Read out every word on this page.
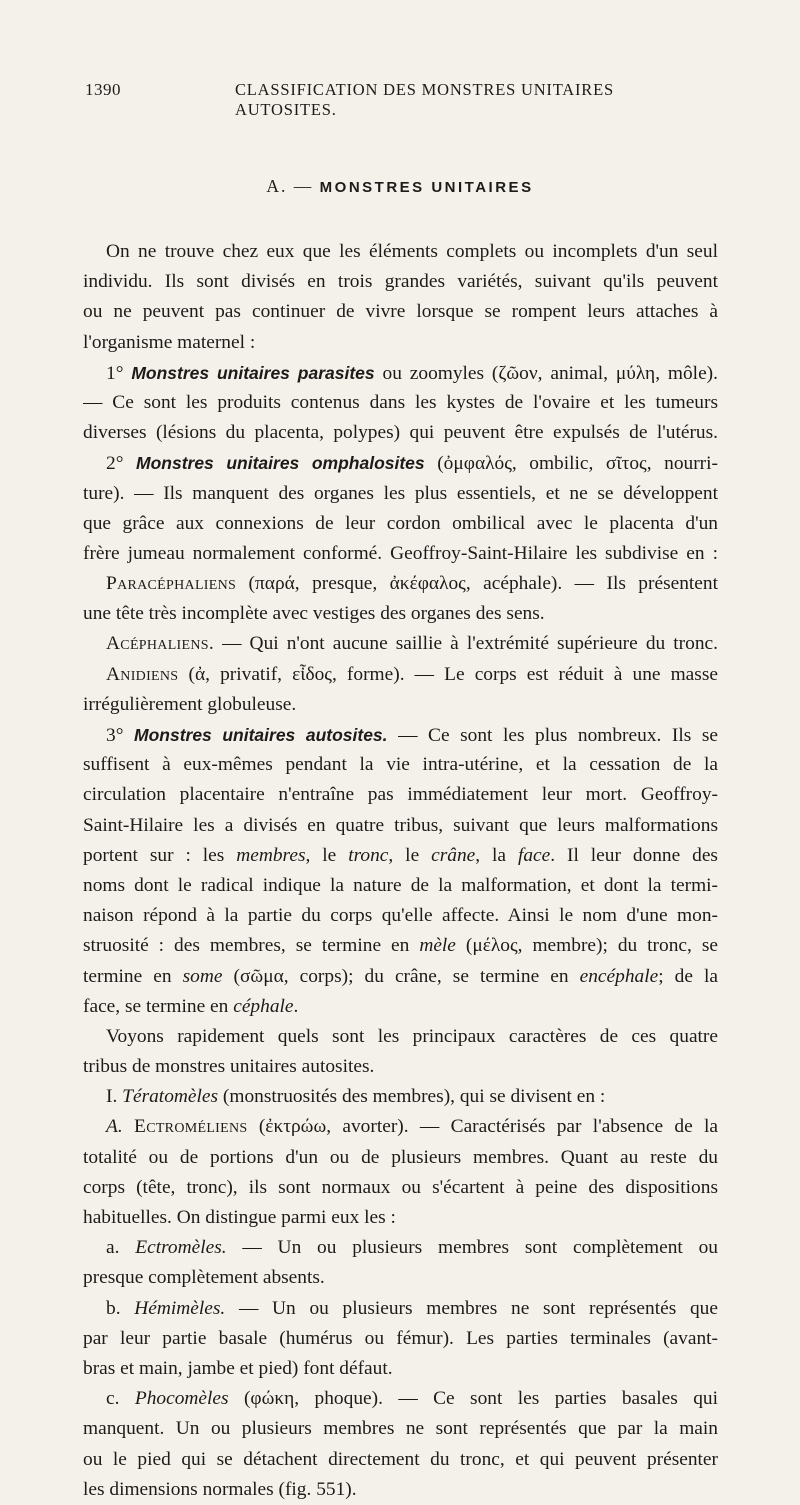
1390	CLASSIFICATION DES MONSTRES UNITAIRES AUTOSITES.
A. — MONSTRES UNITAIRES
On ne trouve chez eux que les éléments complets ou incomplets d'un seul
individu. Ils sont divisés en trois grandes variétés, suivant qu'ils peuvent
ou ne peuvent pas continuer de vivre lorsque se rompent leurs attaches à
l'organisme maternel :
1° Monstres unitaires parasites ou zoomyles (ζῶον, animal, μύλη, môle).
— Ce sont les produits contenus dans les kystes de l'ovaire et les tumeurs
diverses (lésions du placenta, polypes) qui peuvent être expulsés de l'utérus.
2° Monstres unitaires omphalosites (ὀμφαλός, ombilic, σῖτος, nourri-
ture). — Ils manquent des organes les plus essentiels, et ne se développent
que grâce aux connexions de leur cordon ombilical avec le placenta d'un
frère jumeau normalement conformé. Geoffroy-Saint-Hilaire les subdivise en :
Paracéphaliens (παρά, presque, ἀκέφαλος, acéphale). — Ils présentent
une tête très incomplète avec vestiges des organes des sens.
Acéphaliens. — Qui n'ont aucune saillie à l'extrémité supérieure du tronc.
Anidiens (ἀ, privatif, εἶδος, forme). — Le corps est réduit à une masse
irrégulièrement globuleuse.
3° Monstres unitaires autosites. — Ce sont les plus nombreux. Ils se
suffisent à eux-mêmes pendant la vie intra-utérine, et la cessation de la
circulation placentaire n'entraîne pas immédiatement leur mort. Geoffroy-
Saint-Hilaire les a divisés en quatre tribus, suivant que leurs malformations
portent sur : les membres, le tronc, le crâne, la face. Il leur donne des
noms dont le radical indique la nature de la malformation, et dont la termi-
naison répond à la partie du corps qu'elle affecte. Ainsi le nom d'une mon-
struosité : des membres, se termine en mèle (μέλος, membre); du tronc, se
termine en some (σῶμα, corps); du crâne, se termine en encéphale; de la
face, se termine en céphale.
Voyons rapidement quels sont les principaux caractères de ces quatre
tribus de monstres unitaires autosites.
I. Tératomèles (monstruosités des membres), qui se divisent en :
A. Ectroméliens (ἐκτρώω, avorter). — Caractérisés par l'absence de la
totalité ou de portions d'un ou de plusieurs membres. Quant au reste du
corps (tête, tronc), ils sont normaux ou s'écartent à peine des dispositions
habituelles. On distingue parmi eux les :
a. Ectromèles. — Un ou plusieurs membres sont complètement ou
presque complètement absents.
b. Hémimèles. — Un ou plusieurs membres ne sont représentés que
par leur partie basale (humérus ou fémur). Les parties terminales (avant-
bras et main, jambe et pied) font défaut.
c. Phocomèles (φώκη, phoque). — Ce sont les parties basales qui
manquent. Un ou plusieurs membres ne sont représentés que par la main
ou le pied qui se détachent directement du tronc, et qui peuvent présenter
les dimensions normales (fig. 551).
